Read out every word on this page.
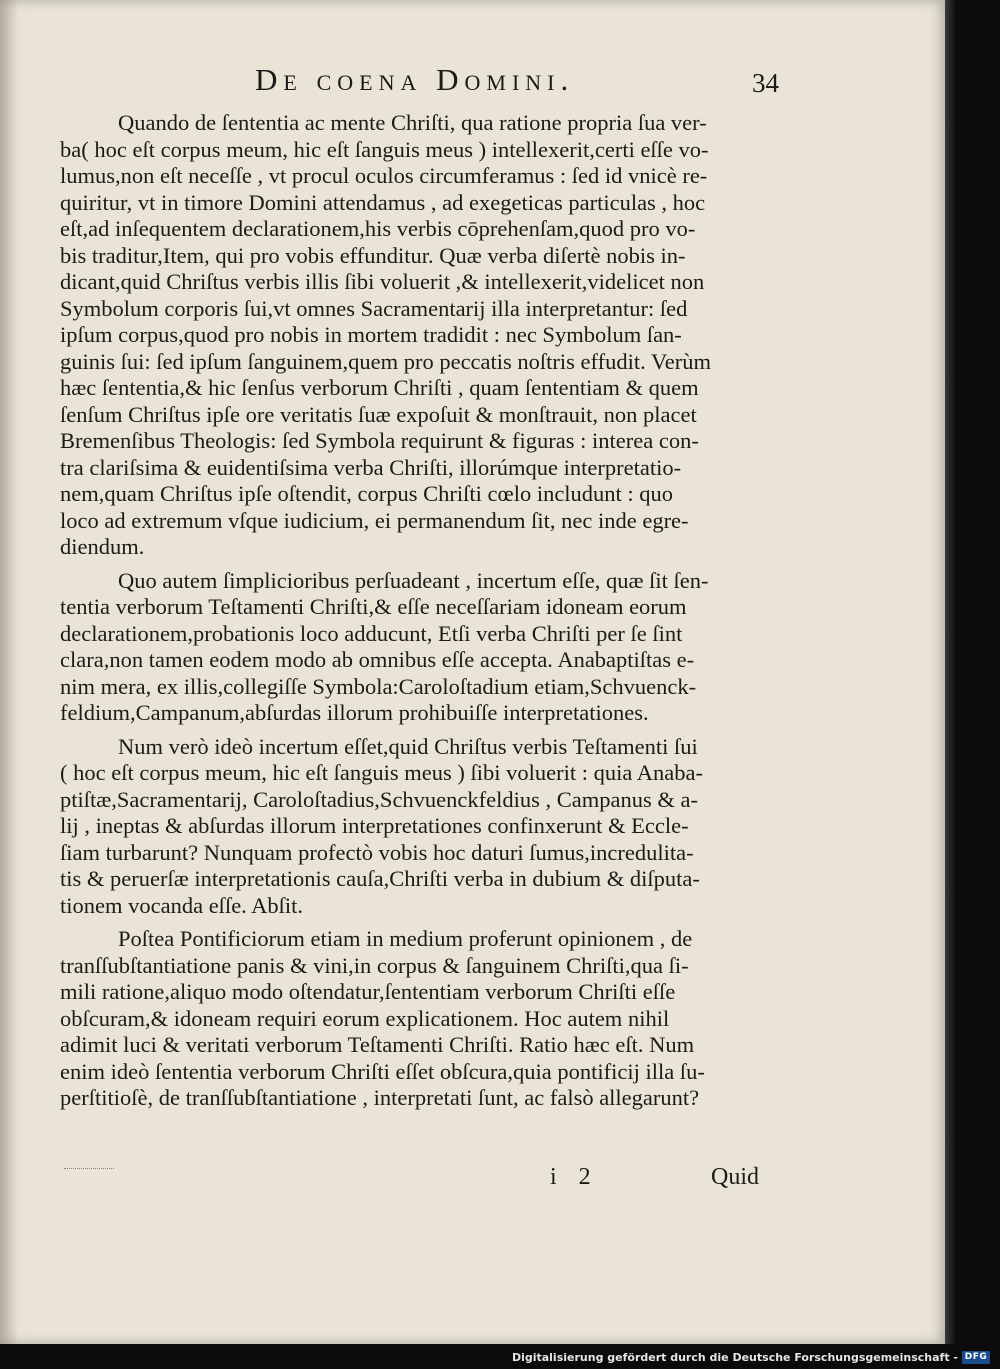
De coena Domini.	34
Quando de ſententia ac mente Chriſti, qua ratione propria ſua ver-
ba( hoc eſt corpus meum, hic eſt ſanguis meus ) intellexerit,certi eſſe vo-
lumus,non eſt neceſſe , vt procul oculos circumferamus : ſed id vnicè re-
quiritur, vt in timore Domini attendamus , ad exegeticas particulas , hoc
eſt,ad inſequentem declarationem,his verbis cōprehenſam,quod pro vo-
bis traditur,Item, qui pro vobis effunditur. Quæ verba diſertè nobis in-
dicant,quid Chriſtus verbis illis ſibi voluerit ,& intellexerit,videlicet non
Symbolum corporis ſui,vt omnes Sacramentarij illa interpretantur: ſed
ipſum corpus,quod pro nobis in mortem tradidit : nec Symbolum ſan-
guinis ſui: ſed ipſum ſanguinem,quem pro peccatis noſtris effudit. Verùm
hæc ſententia,& hic ſenſus verborum Chriſti , quam ſententiam & quem
ſenſum Chriſtus ipſe ore veritatis ſuæ expoſuit & monſtrauit, non placet
Bremenſibus Theologis: ſed Symbola requirunt & figuras : interea con-
tra clariſsima & euidentiſsima verba Chriſti, illorúmque interpretatio-
nem,quam Chriſtus ipſe oſtendit, corpus Chriſti cœlo includunt : quo
loco ad extremum vſque iudicium, ei permanendum ſit, nec inde egre-
diendum.
Quo autem ſimplicioribus perſuadeant , incertum eſſe, quæ ſit ſen-
tentia verborum Teſtamenti Chriſti,& eſſe neceſſariam idoneam eorum
declarationem,probationis loco adducunt, Etſi verba Chriſti per ſe ſint
clara,non tamen eodem modo ab omnibus eſſe accepta. Anabaptiſtas e-
nim mera, ex illis,collegiſſe Symbola:Caroloſtadium etiam,Schvuenck-
feldium,Campanum,abſurdas illorum prohibuiſſe interpretationes.
Num verò ideò incertum eſſet,quid Chriſtus verbis Teſtamenti ſui
( hoc eſt corpus meum, hic eſt ſanguis meus ) ſibi voluerit : quia Anaba-
ptiſtæ,Sacramentarij, Caroloſtadius,Schvuenckfeldius , Campanus & a-
lij , ineptas & abſurdas illorum interpretationes confinxerunt & Eccle-
ſiam turbarunt? Nunquam profectò vobis hoc daturi ſumus,incredulita-
tis & peruerſæ interpretationis cauſa,Chriſti verba in dubium & diſputa-
tionem vocanda eſſe. Abſit.
Poſtea Pontificiorum etiam in medium proferunt opinionem , de
tranſſubſtantiatione panis & vini,in corpus & ſanguinem Chriſti,qua ſi-
mili ratione,aliquo modo oſtendatur,ſententiam verborum Chriſti eſſe
obſcuram,& idoneam requiri eorum explicationem. Hoc autem nihil
adimit luci & veritati verborum Teſtamenti Chriſti. Ratio hæc eſt. Num
enim ideò ſententia verborum Chriſti eſſet obſcura,quia pontificij illa ſu-
perſtitioſè, de tranſſubſtantiatione , interpretati ſunt, ac falsò allegarunt?
i 2	Quid
Digitalisierung gefördert durch die Deutsche Forschungsgemeinschaft - DFG
